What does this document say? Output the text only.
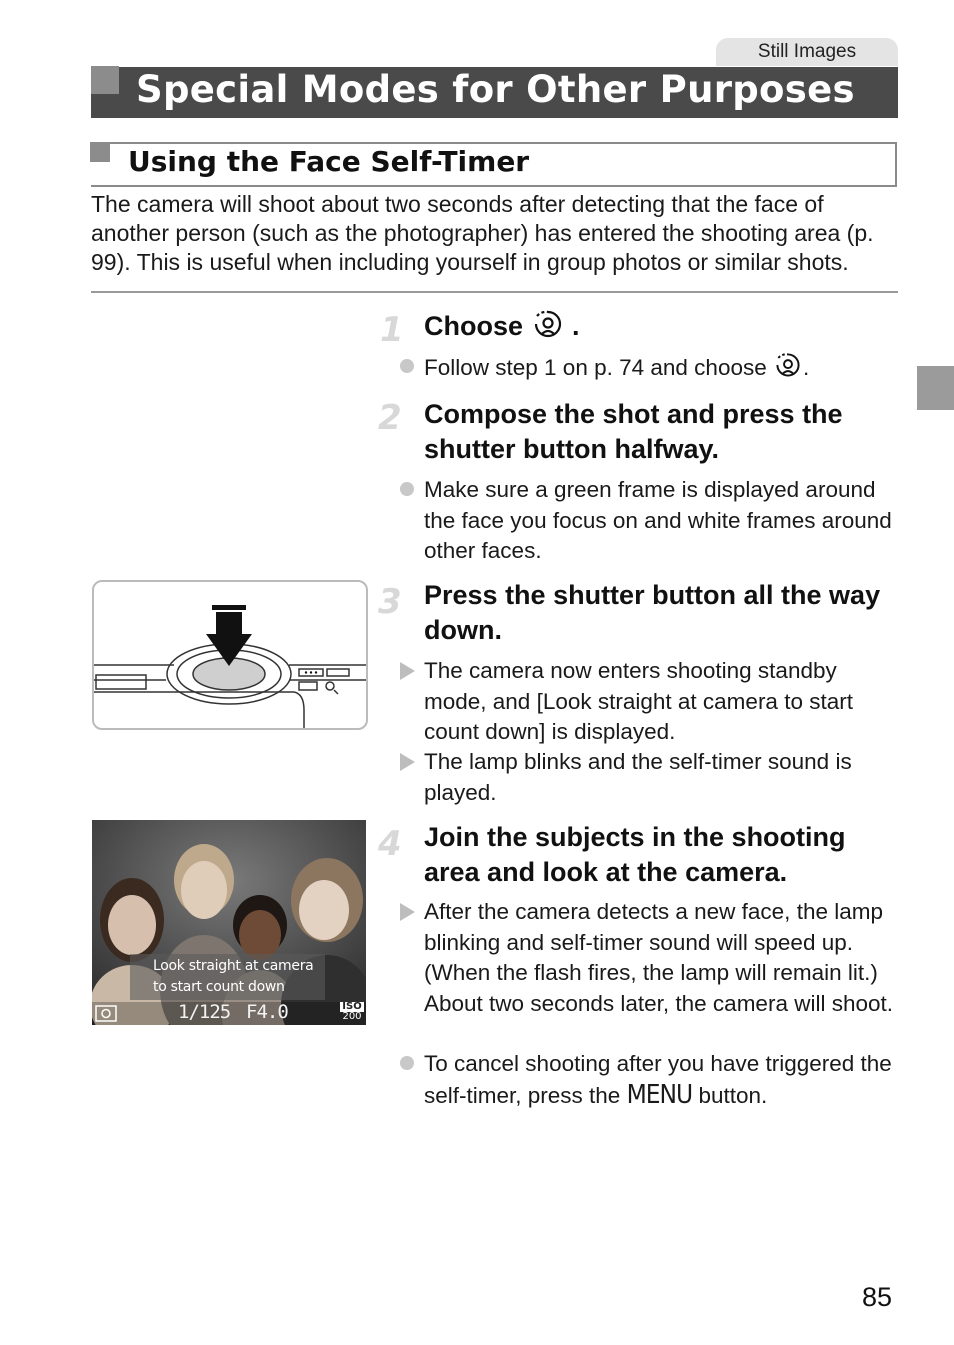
Still Images
Special Modes for Other Purposes
Using the Face Self-Timer
The camera will shoot about two seconds after detecting that the face of another person (such as the photographer) has entered the shooting area (p. 99). This is useful when including yourself in group photos or similar shots.
1 Choose .
Follow step 1 on p. 74 and choose .
2 Compose the shot and press the shutter button halfway.
Make sure a green frame is displayed around the face you focus on and white frames around other faces.
3 Press the shutter button all the way down.
The camera now enters shooting standby mode, and [Look straight at camera to start count down] is displayed.
The lamp blinks and the self-timer sound is played.
Look straight at camera
to start count down
1/125 F4.0	ISO
200
4 Join the subjects in the shooting area and look at the camera.
After the camera detects a new face, the lamp blinking and self-timer sound will speed up. (When the flash fires, the lamp will remain lit.) About two seconds later, the camera will shoot.
To cancel shooting after you have triggered the self-timer, press the MENU button.
85
